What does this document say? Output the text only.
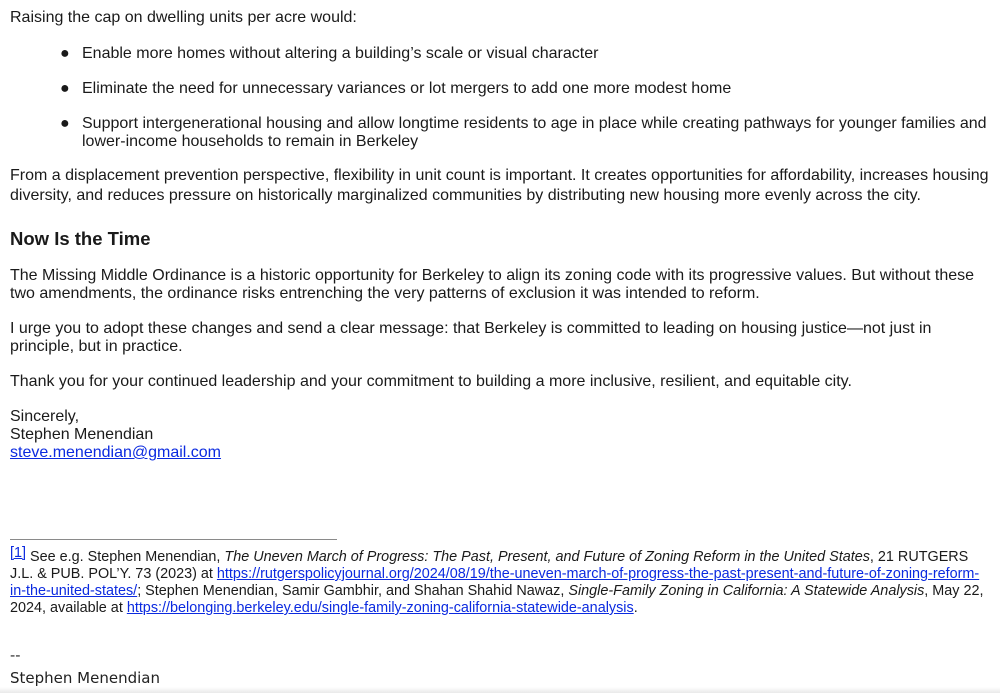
Raising the cap on dwelling units per acre would:

● Enable more homes without altering a building’s scale or visual character
● Eliminate the need for unnecessary variances or lot mergers to add one more modest home
● Support intergenerational housing and allow longtime residents to age in place while creating pathways for younger families and lower-income households to remain in Berkeley

From a displacement prevention perspective, flexibility in unit count is important. It creates opportunities for affordability, increases housing diversity, and reduces pressure on historically marginalized communities by distributing new housing more evenly across the city.

Now Is the Time

The Missing Middle Ordinance is a historic opportunity for Berkeley to align its zoning code with its progressive values. But without these two amendments, the ordinance risks entrenching the very patterns of exclusion it was intended to reform.

I urge you to adopt these changes and send a clear message: that Berkeley is committed to leading on housing justice—not just in principle, but in practice.

Thank you for your continued leadership and your commitment to building a more inclusive, resilient, and equitable city.

Sincerely,

Stephen Menendian

steve.menendian@gmail.com

[1] See e.g. Stephen Menendian, The Uneven March of Progress: The Past, Present, and Future of Zoning Reform in the United States, 21 RUTGERS J.L. & PUB. POL’Y. 73 (2023) at https://rutgerspolicyjournal.org/2024/08/19/the-uneven-march-of-progress-the-past-present-and-future-of-zoning-reform-in-the-united-states/; Stephen Menendian, Samir Gambhir, and Shahan Shahid Nawaz, Single-Family Zoning in California: A Statewide Analysis, May 22, 2024, available at https://belonging.berkeley.edu/single-family-zoning-california-statewide-analysis.
--
Stephen Menendian
